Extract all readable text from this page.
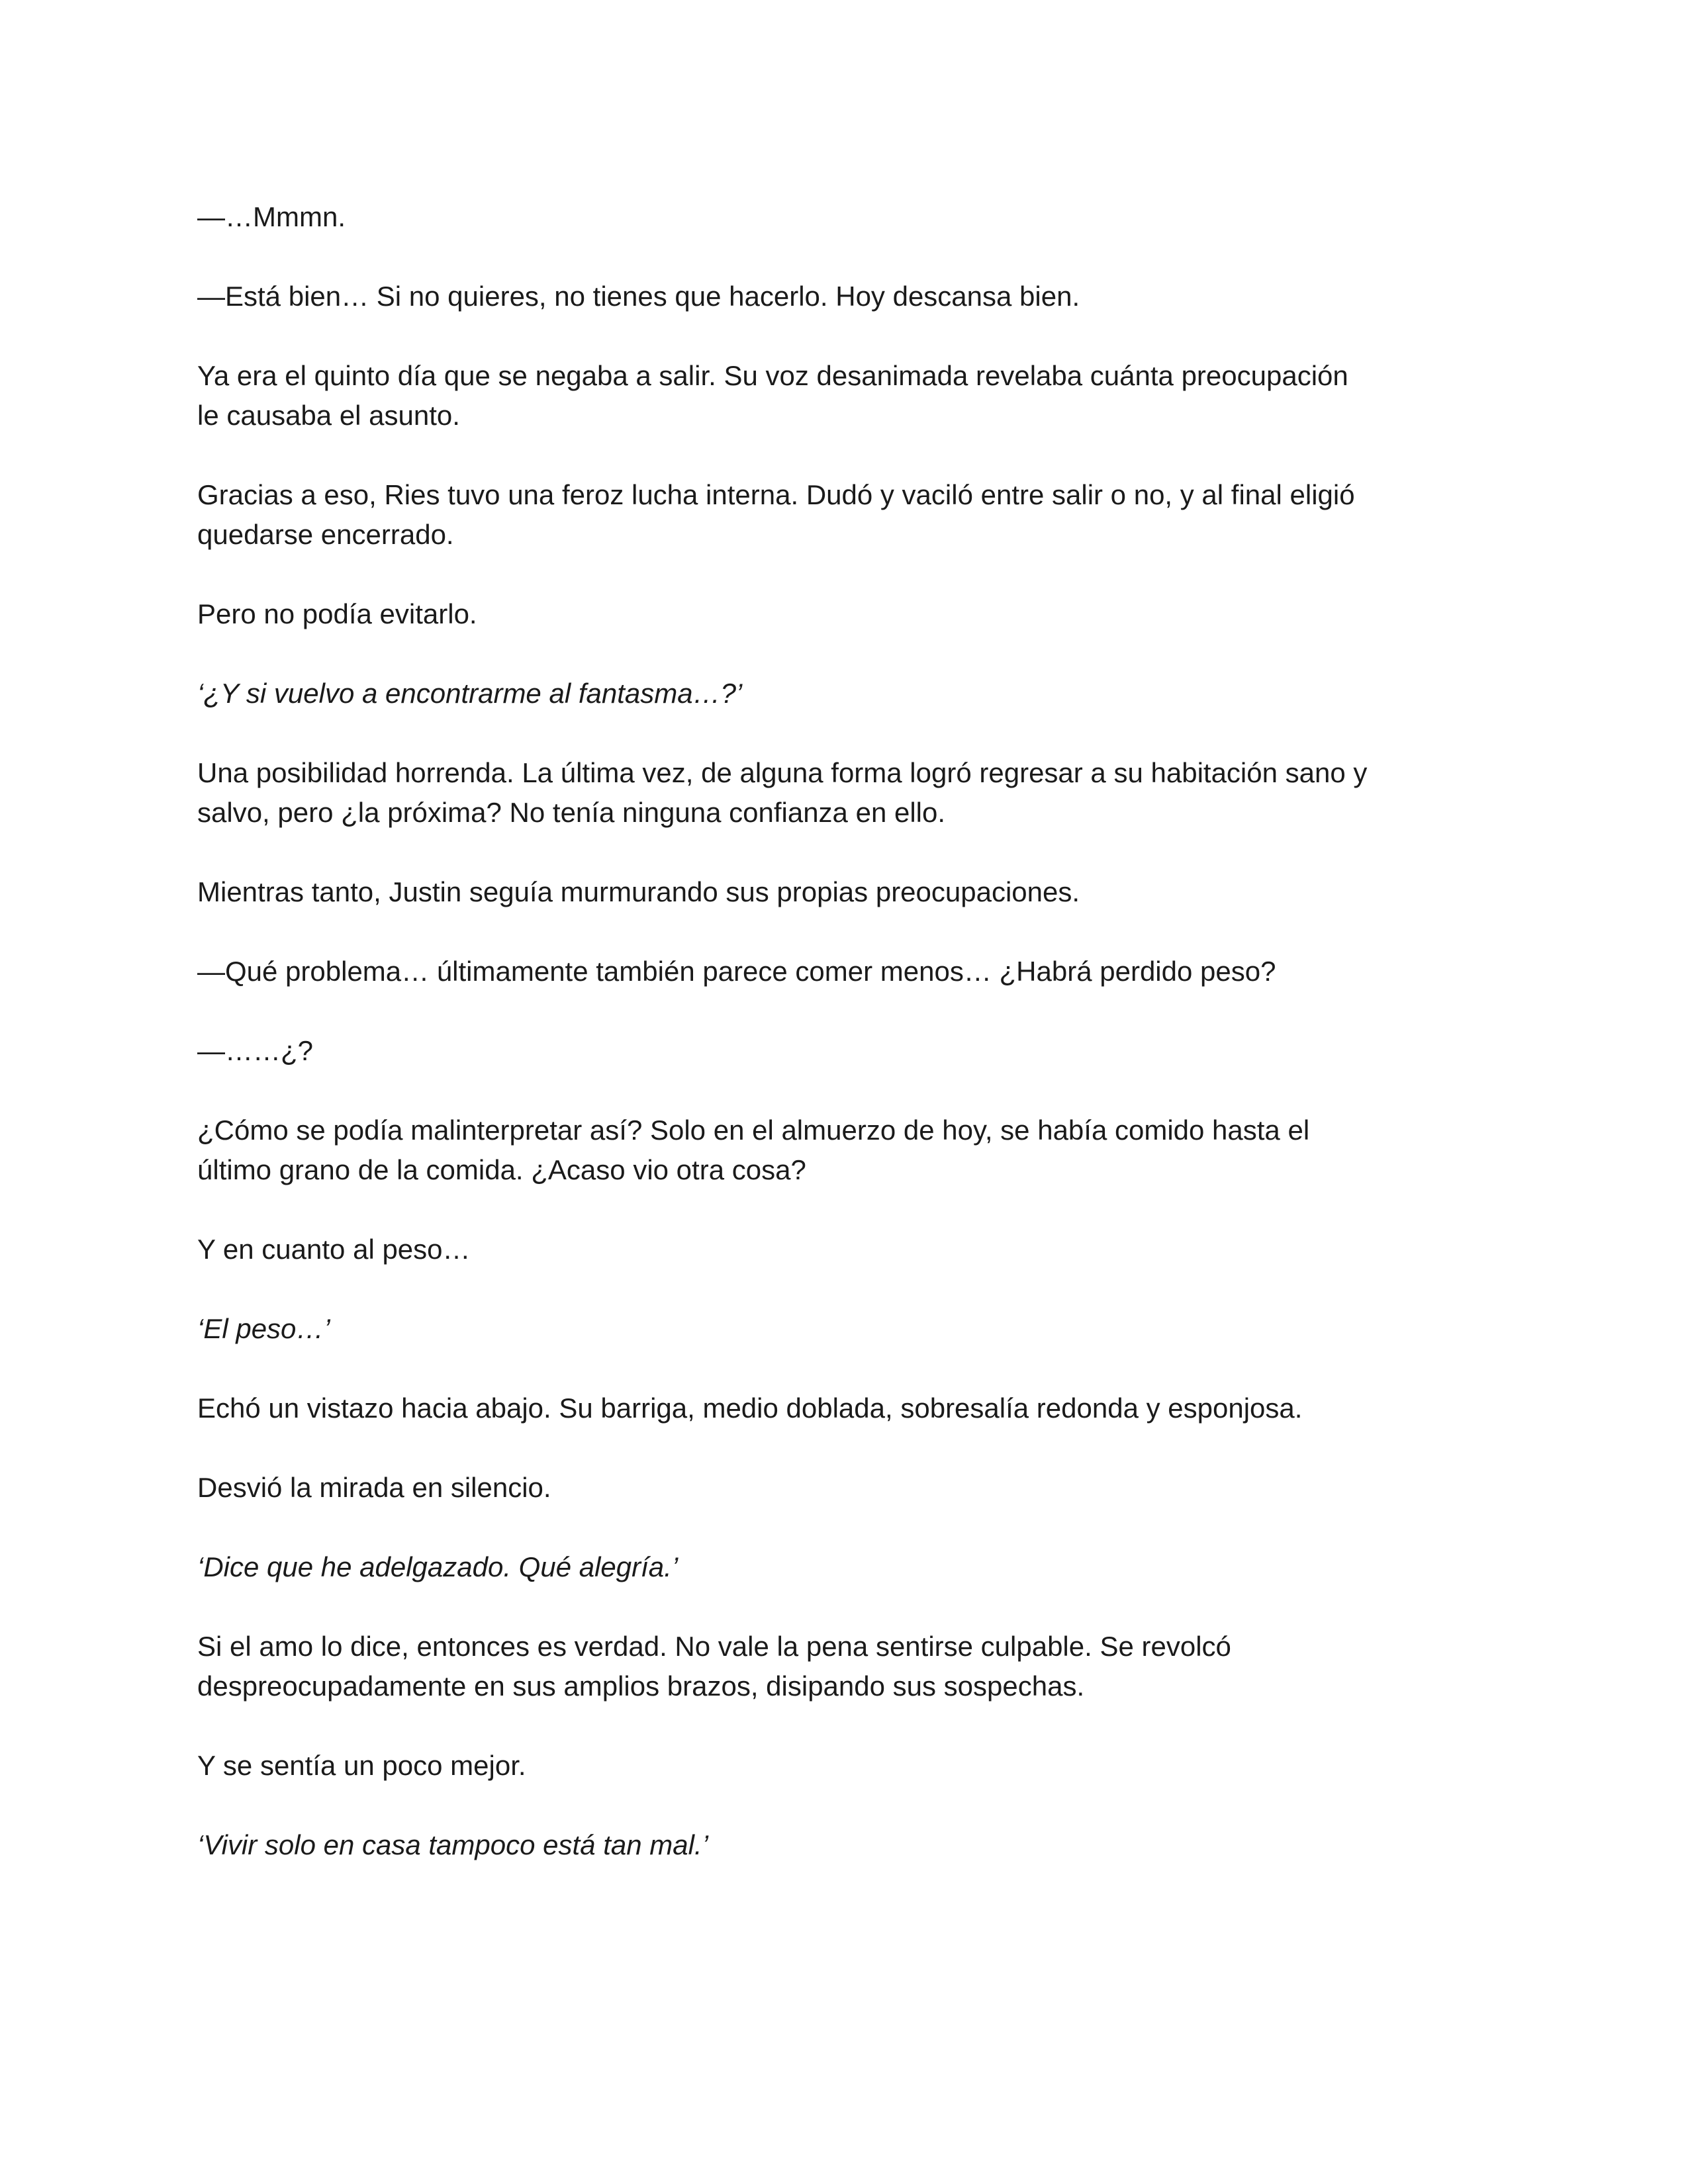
—…Mmmn.

—Está bien… Si no quieres, no tienes que hacerlo. Hoy descansa bien.

Ya era el quinto día que se negaba a salir. Su voz desanimada revelaba cuánta preocupación
le causaba el asunto.

Gracias a eso, Ries tuvo una feroz lucha interna. Dudó y vaciló entre salir o no, y al final eligió
quedarse encerrado.

Pero no podía evitarlo.

‘¿Y si vuelvo a encontrarme al fantasma…?’

Una posibilidad horrenda. La última vez, de alguna forma logró regresar a su habitación sano y
salvo, pero ¿la próxima? No tenía ninguna confianza en ello.

Mientras tanto, Justin seguía murmurando sus propias preocupaciones.

—Qué problema… últimamente también parece comer menos… ¿Habrá perdido peso?

—……¿?

¿Cómo se podía malinterpretar así? Solo en el almuerzo de hoy, se había comido hasta el
último grano de la comida. ¿Acaso vio otra cosa?

Y en cuanto al peso…

‘El peso…’

Echó un vistazo hacia abajo. Su barriga, medio doblada, sobresalía redonda y esponjosa.

Desvió la mirada en silencio.

‘Dice que he adelgazado. Qué alegría.’

Si el amo lo dice, entonces es verdad. No vale la pena sentirse culpable. Se revolcó
despreocupadamente en sus amplios brazos, disipando sus sospechas.

Y se sentía un poco mejor.

‘Vivir solo en casa tampoco está tan mal.’
